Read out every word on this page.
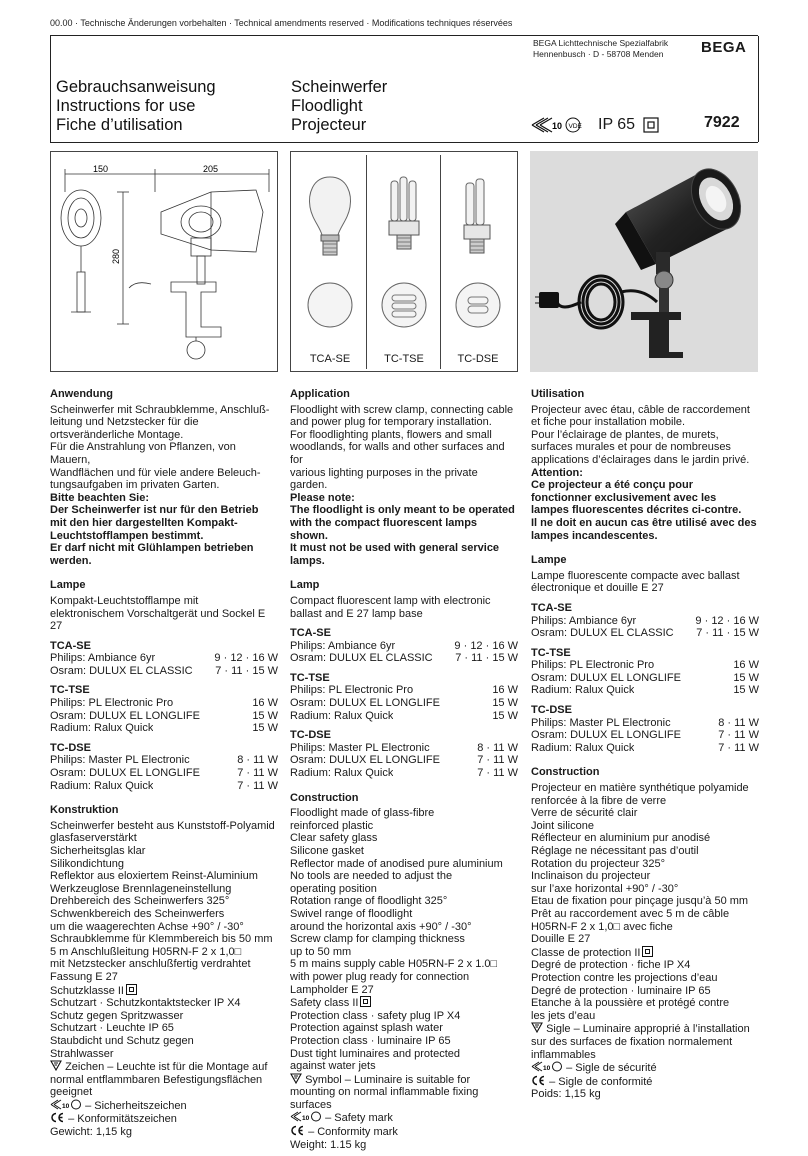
00.00 · Technische Änderungen vorbehalten · Technical amendments reserved · Modifications techniques réservées
BEGA Lichttechnische Spezialfabrik
Hennenbusch · D - 58708 Menden	BEGA
Gebrauchsanweisung
Instructions for use
Fiche d’utilisation
Scheinwerfer
Floodlight
Projecteur	10 VDE IP 65	7922
150	205
280
TCA-SE	TC-TSE	TC-DSE
Anwendung
Scheinwerfer mit Schraubklemme, Anschluß-
leitung und Netzstecker für die
ortsveränderliche Montage.
Für die Anstrahlung von Pflanzen, von Mauern,
Wandflächen und für viele andere Beleuch-
tungsaufgaben im privaten Garten.
Bitte beachten Sie:
Der Scheinwerfer ist nur für den Betrieb
mit den hier dargestellten Kompakt-
Leuchtstofflampen bestimmt.
Er darf nicht mit Glühlampen betrieben
werden.
Lampe
Kompakt-Leuchtstofflampe mit
elektronischem Vorschaltgerät und Sockel E 27
TCA-SE
Philips: Ambiance 6yr	9 · 12 · 16 W
Osram: DULUX EL CLASSIC 7 · 11 · 15 W
TC-TSE
Philips: PL Electronic Pro	16 W
Osram: DULUX EL LONGLIFE	15 W
Radium: Ralux Quick	15 W
TC-DSE
Philips: Master PL Electronic	8 · 11 W
Osram: DULUX EL LONGLIFE	7 · 11 W
Radium: Ralux Quick	7 · 11 W
Konstruktion
Scheinwerfer besteht aus Kunststoff-Polyamid
glasfaserverstärkt
Sicherheitsglas klar
Silikondichtung
Reflektor aus eloxiertem Reinst-Aluminium
Werkzeuglose Brennlageneinstellung
Drehbereich des Scheinwerfers 325°
Schwenkbereich des Scheinwerfers
um die waagerechten Achse +90° / -30°
Schraubklemme für Klemmbereich bis 50 mm
5 m Anschlußleitung H05RN-F 2 x 1,0□
mit Netzstecker anschlußfertig verdrahtet
Fassung E 27
Schutzklasse II
Schutzart · Schutzkontaktstecker IP X4
Schutz gegen Spritzwasser
Schutzart · Leuchte IP 65
Staubdicht und Schutz gegen
Strahlwasser
Zeichen – Leuchte ist für die Montage auf normal entflammbaren Befestigungsflächen geeignet
10 – Sicherheitszeichen
– Konformitätszeichen
Gewicht: 1,15 kg
Application
Floodlight with screw clamp, connecting cable
and power plug for temporary installation.
For floodlighting plants, flowers and small
woodlands, for walls and other surfaces and for
various lighting purposes in the private garden.
Please note:
The floodlight is only meant to be operated
with the compact fluorescent lamps
shown.
It must not be used with general service
lamps.
Lamp
Compact fluorescent lamp with electronic
ballast and E 27 lamp base
TCA-SE
Philips: Ambiance 6yr	9 · 12 · 16 W
Osram: DULUX EL CLASSIC 7 · 11 · 15 W
TC-TSE
Philips: PL Electronic Pro	16 W
Osram: DULUX EL LONGLIFE	15 W
Radium: Ralux Quick	15 W
TC-DSE
Philips: Master PL Electronic	8 · 11 W
Osram: DULUX EL LONGLIFE	7 · 11 W
Radium: Ralux Quick	7 · 11 W
Construction
Floodlight made of glass-fibre
reinforced plastic
Clear safety glass
Silicone gasket
Reflector made of anodised pure aluminium
No tools are needed to adjust the
operating position
Rotation range of floodlight 325°
Swivel range of floodlight
around the horizontal axis +90° / -30°
Screw clamp for clamping thickness
up to 50 mm
5 m mains supply cable H05RN-F 2 x 1.0□
with power plug ready for connection
Lampholder E 27
Safety class II
Protection class · safety plug IP X4
Protection against splash water
Protection class · luminaire IP 65
Dust tight luminaires and protected
against water jets
Symbol – Luminaire is suitable for mounting on normal inflammable fixing surfaces
10 – Safety mark
– Conformity mark
Weight: 1.15 kg
Utilisation
Projecteur avec étau, câble de raccordement
et fiche pour installation mobile.
Pour l’éclairage de plantes, de murets,
surfaces murales et pour de nombreuses
applications d’éclairages dans le jardin privé.
Attention:
Ce projecteur a été conçu pour
fonctionner exclusivement avec les
lampes fluorescentes décrites ci-contre.
Il ne doit en aucun cas être utilisé avec des
lampes incandescentes.
Lampe
Lampe fluorescente compacte avec ballast
électronique et douille E 27
TCA-SE
Philips: Ambiance 6yr	9 · 12 · 16 W
Osram: DULUX EL CLASSIC 7 · 11 · 15 W
TC-TSE
Philips: PL Electronic Pro	16 W
Osram: DULUX EL LONGLIFE	15 W
Radium: Ralux Quick	15 W
TC-DSE
Philips: Master PL Electronic	8 · 11 W
Osram: DULUX EL LONGLIFE	7 · 11 W
Radium: Ralux Quick	7 · 11 W
Construction
Projecteur en matière synthétique polyamide
renforcée à la fibre de verre
Verre de sécurité clair
Joint silicone
Réflecteur en aluminium pur anodisé
Réglage ne nécessitant pas d’outil
Rotation du projecteur 325°
Inclinaison du projecteur
sur l’axe horizontal +90° / -30°
Etau de fixation pour pinçage jusqu’à 50 mm
Prêt au raccordement avec 5 m de câble
H05RN-F 2 x 1,0□ avec fiche
Douille E 27
Classe de protection II
Degré de protection · fiche IP X4
Protection contre les projections d’eau
Degré de protection · luminaire IP 65
Etanche à la poussière et protégé contre
les jets d’eau
Sigle – Luminaire approprié à l’installation sur des surfaces de fixation normalement inflammables
10 – Sigle de sécurité
– Sigle de conformité
Poids: 1,15 kg
